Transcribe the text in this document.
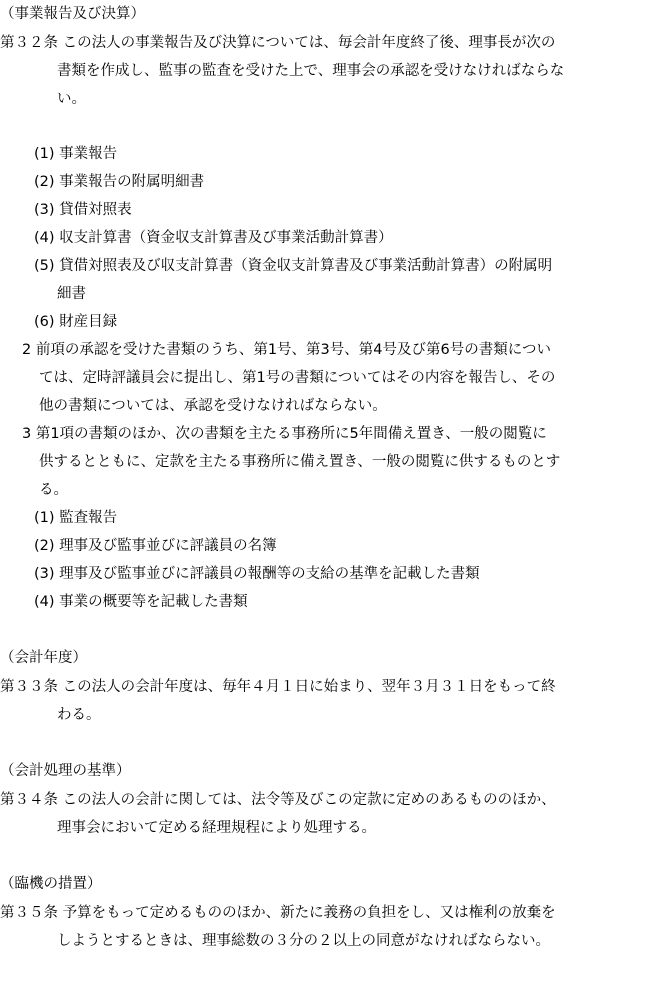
（事業報告及び決算）
第３２条 この法人の事業報告及び決算については、毎会計年度終了後、理事長が次の
書類を作成し、監事の監査を受けた上で、理事会の承認を受けなければならな
い。
(1) 事業報告
(2) 事業報告の附属明細書
(3) 貸借対照表
(4) 収支計算書（資金収支計算書及び事業活動計算書）
(5) 貸借対照表及び収支計算書（資金収支計算書及び事業活動計算書）の附属明
細書
(6) 財産目録
2 前項の承認を受けた書類のうち、第1号、第3号、第4号及び第6号の書類につい
ては、定時評議員会に提出し、第1号の書類についてはその内容を報告し、その
他の書類については、承認を受けなければならない。
3 第1項の書類のほか、次の書類を主たる事務所に5年間備え置き、一般の閲覧に
供するとともに、定款を主たる事務所に備え置き、一般の閲覧に供するものとす
る。
(1) 監査報告
(2) 理事及び監事並びに評議員の名簿
(3) 理事及び監事並びに評議員の報酬等の支給の基準を記載した書類
(4) 事業の概要等を記載した書類
（会計年度）
第３３条 この法人の会計年度は、毎年４月１日に始まり、翌年３月３１日をもって終
わる。
（会計処理の基準）
第３４条 この法人の会計に関しては、法令等及びこの定款に定めのあるもののほか、
理事会において定める経理規程により処理する。
（臨機の措置）
第３５条 予算をもって定めるもののほか、新たに義務の負担をし、又は権利の放棄を
しようとするときは、理事総数の３分の２以上の同意がなければならない。
